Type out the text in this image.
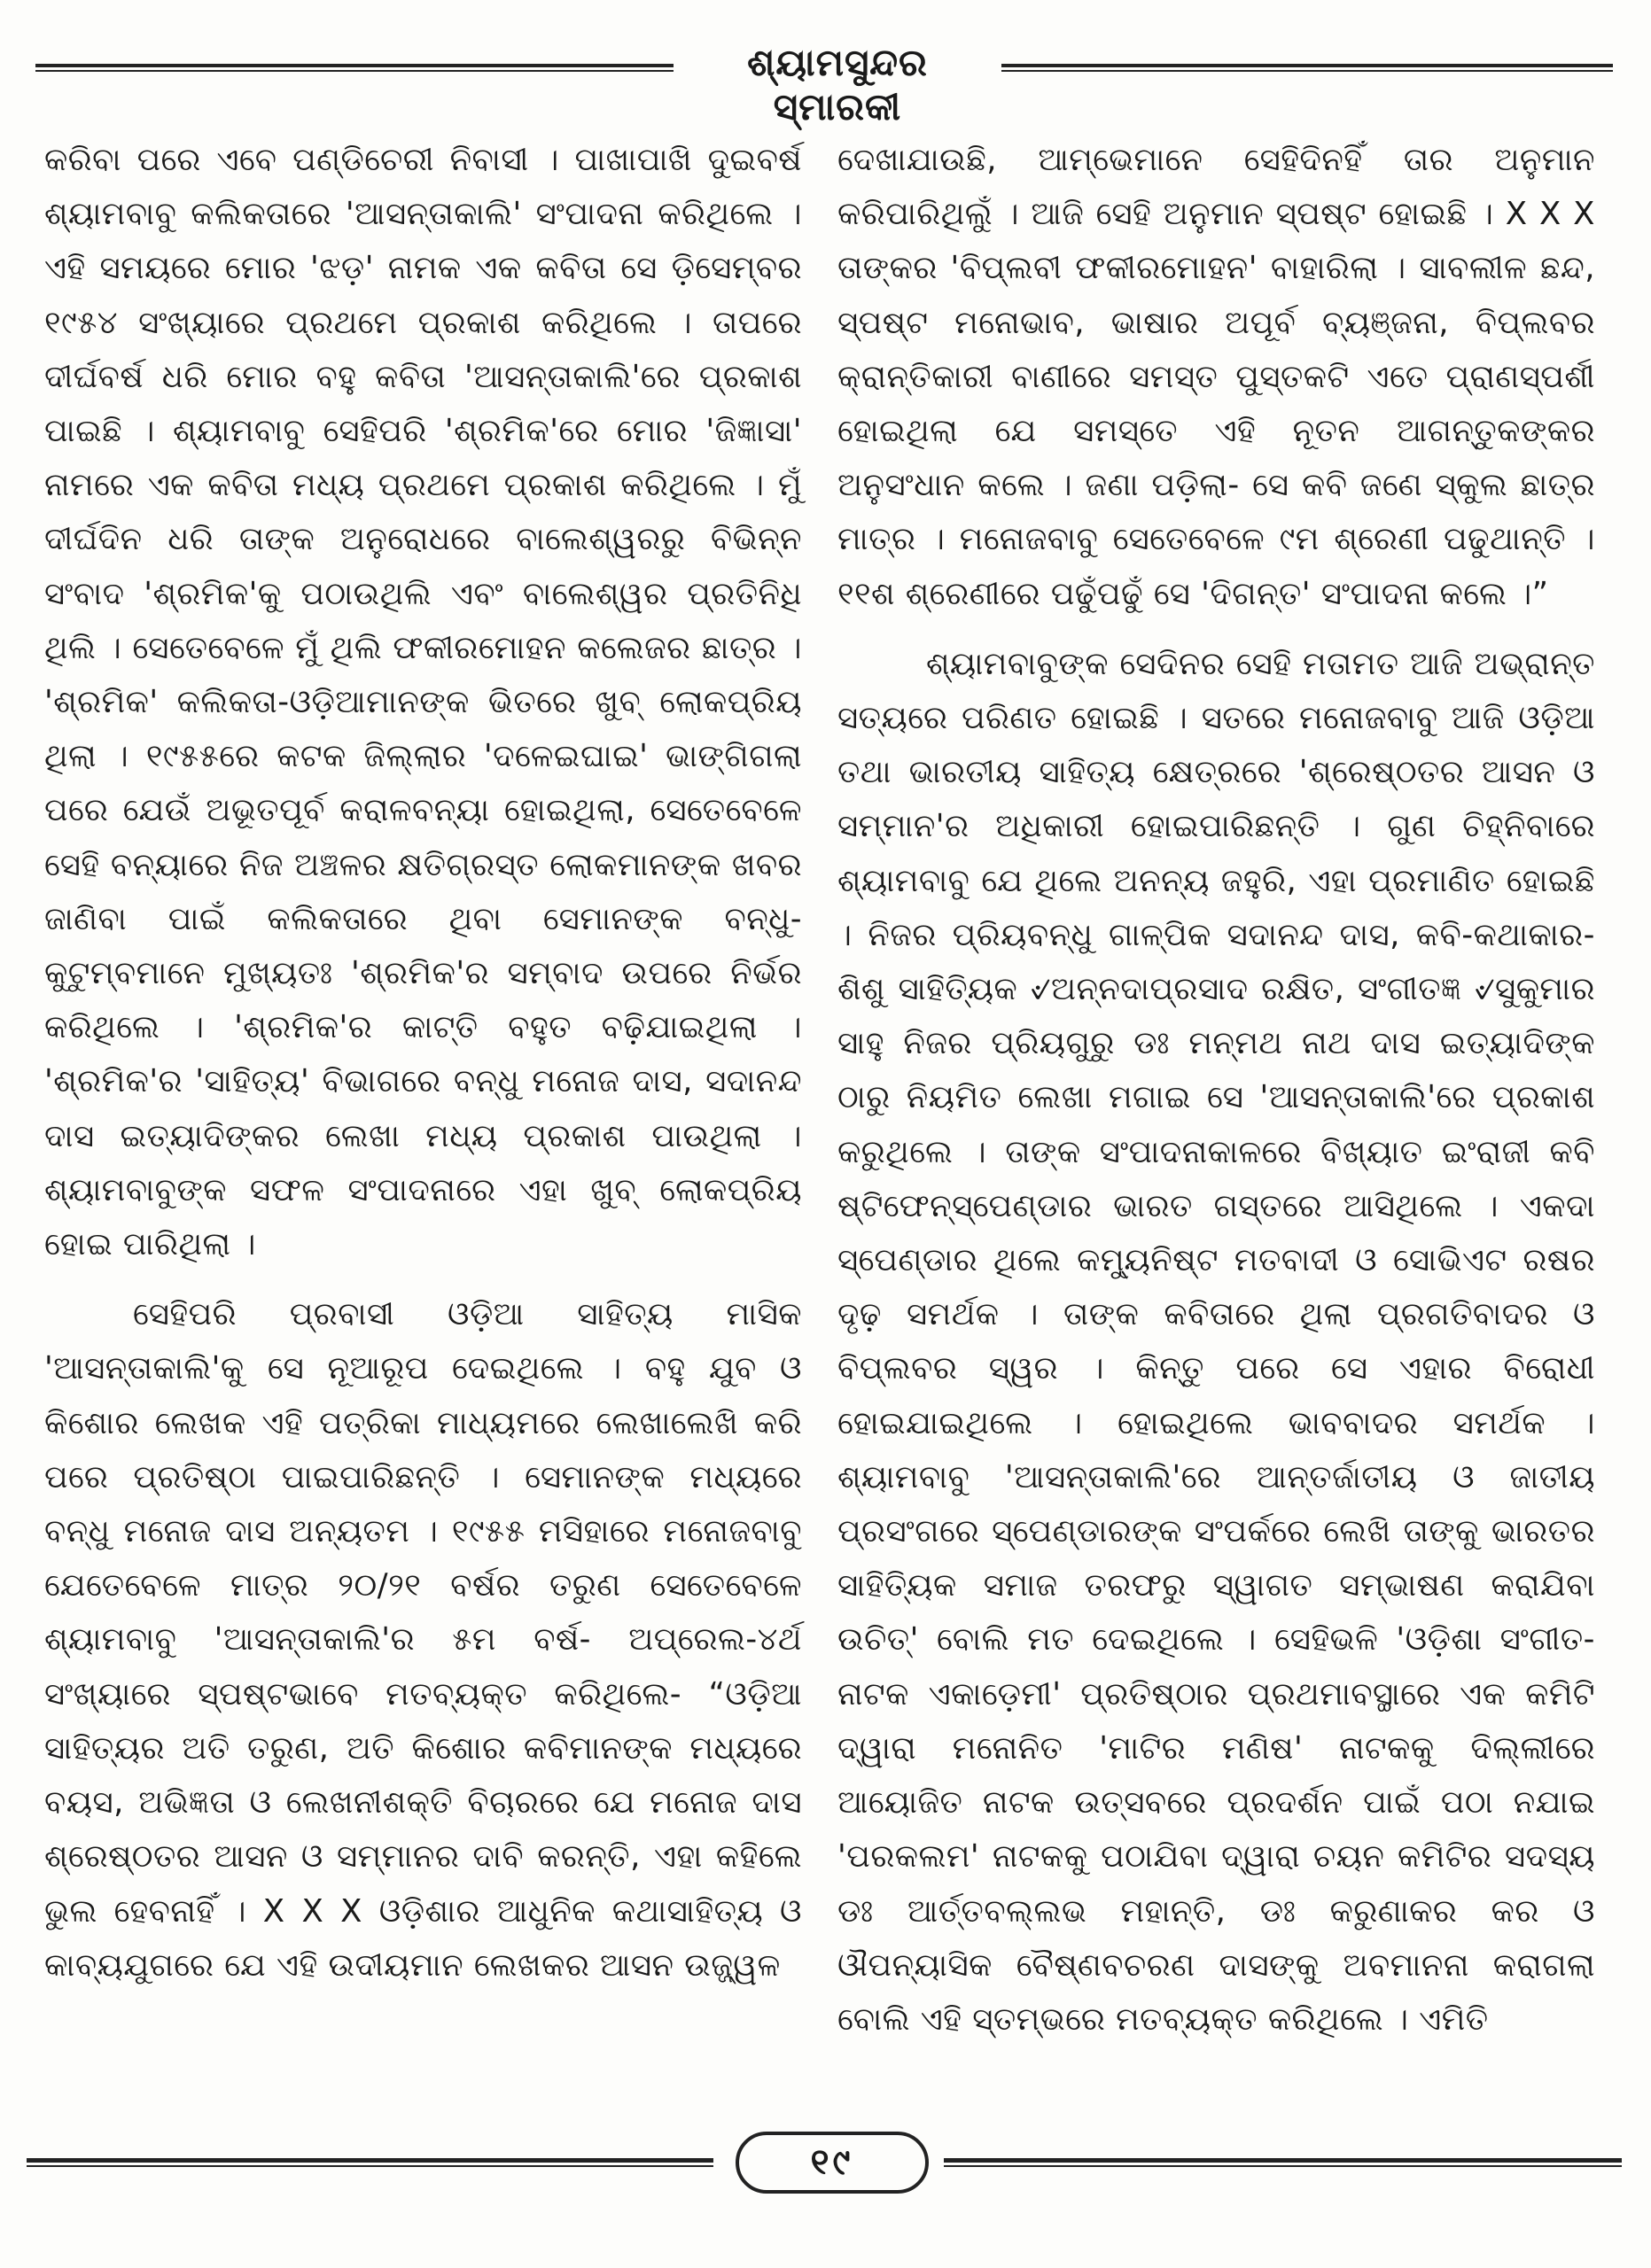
ଶ୍ୟାମସୁନ୍ଦର ସ୍ମାରକୀ

କରିବା ପରେ ଏବେ ପଣ୍ଡିଚେରୀ ନିବାସୀ । ପାଖାପାଖି ଦୁଇବର୍ଷ ଶ୍ୟାମବାବୁ କଲିକତାରେ 'ଆସନ୍ତାକାଲି' ସଂପାଦନା କରିଥିଲେ । ଏହି ସମୟରେ ମୋର 'ଝଡ଼' ନାମକ ଏକ କବିତା ସେ ଡ଼ିସେମ୍ବର ୧୯୫୪ ସଂଖ୍ୟାରେ ପ୍ରଥମେ ପ୍ରକାଶ କରିଥିଲେ । ତାପରେ ଦୀର୍ଘବର୍ଷ ଧରି ମୋର ବହୁ କବିତା 'ଆସନ୍ତାକାଲି'ରେ ପ୍ରକାଶ ପାଇଛି । ଶ୍ୟାମବାବୁ ସେହିପରି 'ଶ୍ରମିକ'ରେ ମୋର 'ଜିଜ୍ଞାସା' ନାମରେ ଏକ କବିତା ମଧ୍ୟ ପ୍ରଥମେ ପ୍ରକାଶ କରିଥିଲେ । ମୁଁ ଦୀର୍ଘଦିନ ଧରି ତାଙ୍କ ଅନୁରୋଧରେ ବାଲେଶ୍ୱରରୁ ବିଭିନ୍ନ ସଂବାଦ 'ଶ୍ରମିକ'କୁ ପଠାଉଥିଲି ଏବଂ ବାଲେଶ୍ୱର ପ୍ରତିନିଧି ଥିଲି । ସେତେବେଳେ ମୁଁ ଥିଲି ଫକୀରମୋହନ କଲେଜର ଛାତ୍ର । 'ଶ୍ରମିକ' କଲିକତା-ଓଡ଼ିଆମାନଙ୍କ ଭିତରେ ଖୁବ୍ ଲୋକପ୍ରିୟ ଥିଲା । ୧୯୫୫ରେ କଟକ ଜିଲ୍ଲାର 'ଦଳେଇଘାଇ' ଭାଙ୍ଗିଗଲା ପରେ ଯେଉଁ ଅଭୂତପୂର୍ବ କରାଳବନ୍ୟା ହୋଇଥିଲା, ସେତେବେଳେ ସେହି ବନ୍ୟାରେ ନିଜ ଅଞ୍ଚଳର କ୍ଷତିଗ୍ରସ୍ତ ଲୋକମାନଙ୍କ ଖବର ଜାଣିବା ପାଇଁ କଲିକତାରେ ଥିବା ସେମାନଙ୍କ ବନ୍ଧୁ-କୁଟୁମ୍ବମାନେ ମୁଖ୍ୟତଃ 'ଶ୍ରମିକ'ର ସମ୍ବାଦ ଉପରେ ନିର୍ଭର କରିଥିଲେ । 'ଶ୍ରମିକ'ର କାଟ୍ତି ବହୁତ ବଢ଼ିଯାଇଥିଲା । 'ଶ୍ରମିକ'ର 'ସାହିତ୍ୟ' ବିଭାଗରେ ବନ୍ଧୁ ମନୋଜ ଦାସ, ସଦାନନ୍ଦ ଦାସ ଇତ୍ୟାଦିଙ୍କର ଲେଖା ମଧ୍ୟ ପ୍ରକାଶ ପାଉଥିଲା । ଶ୍ୟାମବାବୁଙ୍କ ସଫଳ ସଂପାଦନାରେ ଏହା ଖୁବ୍ ଲୋକପ୍ରିୟ ହୋଇ ପାରିଥିଲା ।

ସେହିପରି ପ୍ରବାସୀ ଓଡ଼ିଆ ସାହିତ୍ୟ ମାସିକ 'ଆସନ୍ତାକାଲି'କୁ ସେ ନୂଆରୂପ ଦେଇଥିଲେ । ବହୁ ଯୁବ ଓ କିଶୋର ଲେଖକ ଏହି ପତ୍ରିକା ମାଧ୍ୟମରେ ଲେଖାଲେଖି କରି ପରେ ପ୍ରତିଷ୍ଠା ପାଇପାରିଛନ୍ତି । ସେମାନଙ୍କ ମଧ୍ୟରେ ବନ୍ଧୁ ମନୋଜ ଦାସ ଅନ୍ୟତମ । ୧୯୫୫ ମସିହାରେ ମନୋଜବାବୁ ଯେତେବେଳେ ମାତ୍ର ୨୦/୨୧ ବର୍ଷର ତରୁଣ ସେତେବେଳେ ଶ୍ୟାମବାବୁ 'ଆସନ୍ତାକାଲି'ର ୫ମ ବର୍ଷ- ଅପ୍ରେଲ-୪ର୍ଥ ସଂଖ୍ୟାରେ ସ୍ପଷ୍ଟଭାବେ ମତବ୍ୟକ୍ତ କରିଥିଲେ- “ଓଡ଼ିଆ ସାହିତ୍ୟର ଅତି ତରୁଣ, ଅତି କିଶୋର କବିମାନଙ୍କ ମଧ୍ୟରେ ବୟସ, ଅଭିଜ୍ଞତା ଓ ଲେଖନୀଶକ୍ତି ବିଚାରରେ ଯେ ମନୋଜ ଦାସ ଶ୍ରେଷ୍ଠତର ଆସନ ଓ ସମ୍ମାନର ଦାବି କରନ୍ତି, ଏହା କହିଲେ ଭୁଲ ହେବନାହିଁ । X X X ଓଡ଼ିଶାର ଆଧୁନିକ କଥାସାହିତ୍ୟ ଓ କାବ୍ୟଯୁଗରେ ଯେ ଏହି ଉଦୀୟମାନ ଲେଖକର ଆସନ ଉଜ୍ଜ୍ୱଳ

ଦେଖାଯାଉଛି, ଆମ୍ଭେମାନେ ସେହିଦିନହିଁ ତାର ଅନୁମାନ କରିପାରିଥିଲୁଁ । ଆଜି ସେହି ଅନୁମାନ ସ୍ପଷ୍ଟ ହୋଇଛି । X X X ତାଙ୍କର 'ବିପ୍ଲବୀ ଫକୀରମୋହନ' ବାହାରିଲା । ସାବଲୀଳ ଛନ୍ଦ, ସ୍ପଷ୍ଟ ମନୋଭାବ, ଭାଷାର ଅପୂର୍ବ ବ୍ୟଞ୍ଜନା, ବିପ୍ଲବର କ୍ରାନ୍ତିକାରୀ ବାଣୀରେ ସମସ୍ତ ପୁସ୍ତକଟି ଏତେ ପ୍ରାଣସ୍ପର୍ଶୀ ହୋଇଥିଲା ଯେ ସମସ୍ତେ ଏହି ନୂତନ ଆଗନ୍ତୁକଙ୍କର ଅନୁସଂଧାନ କଲେ । ଜଣା ପଡ଼ିଲା- ସେ କବି ଜଣେ ସ୍କୁଲ ଛାତ୍ର ମାତ୍ର । ମନୋଜବାବୁ ସେତେବେଳେ ୯ମ ଶ୍ରେଣୀ ପଢୁଥାନ୍ତି । ୧୧ଶ ଶ୍ରେଣୀରେ ପଢୁଁପଢୁଁ ସେ 'ଦିଗନ୍ତ' ସଂପାଦନା କଲେ ।”

ଶ୍ୟାମବାବୁଙ୍କ ସେଦିନର ସେହି ମତାମତ ଆଜି ଅଭ୍ରାନ୍ତ ସତ୍ୟରେ ପରିଣତ ହୋଇଛି । ସତରେ ମନୋଜବାବୁ ଆଜି ଓଡ଼ିଆ ତଥା ଭାରତୀୟ ସାହିତ୍ୟ କ୍ଷେତ୍ରରେ 'ଶ୍ରେଷ୍ଠତର ଆସନ ଓ ସମ୍ମାନ'ର ଅଧିକାରୀ ହୋଇପାରିଛନ୍ତି । ଗୁଣ ଚିହ୍ନିବାରେ ଶ୍ୟାମବାବୁ ଯେ ଥିଲେ ଅନନ୍ୟ ଜହୁରି, ଏହା ପ୍ରମାଣିତ ହୋଇଛି । ନିଜର ପ୍ରିୟବନ୍ଧୁ ଗାଳ୍ପିକ ସଦାନନ୍ଦ ଦାସ, କବି-କଥାକାର-ଶିଶୁ ସାହିତ୍ୟିକ ୰ଅନ୍ନଦାପ୍ରସାଦ ରକ୍ଷିତ, ସଂଗୀତଜ୍ଞ ୰ସୁକୁମାର ସାହୁ ନିଜର ପ୍ରିୟଗୁରୁ ଡଃ ମନ୍ମଥ ନାଥ ଦାସ ଇତ୍ୟାଦିଙ୍କ ଠାରୁ ନିୟମିତ ଲେଖା ମଗାଇ ସେ 'ଆସନ୍ତାକାଲି'ରେ ପ୍ରକାଶ କରୁଥିଲେ । ତାଙ୍କ ସଂପାଦନାକାଳରେ ବିଖ୍ୟାତ ଇଂରାଜୀ କବି ଷ୍ଟିଫେନ୍‌ସ୍ପେଣ୍ଡାର ଭାରତ ଗସ୍ତରେ ଆସିଥିଲେ । ଏକଦା ସ୍ପେଣ୍ଡାର ଥିଲେ କମ୍ୟୁନିଷ୍ଟ ମତବାଦୀ ଓ ସୋଭିଏଟ ରଷର ଦୃଢ଼ ସମର୍ଥକ । ତାଙ୍କ କବିତାରେ ଥିଲା ପ୍ରଗତିବାଦର ଓ ବିପ୍ଲବର ସ୍ୱର । କିନ୍ତୁ ପରେ ସେ ଏହାର ବିରୋଧୀ ହୋଇଯାଇଥିଲେ । ହୋଇଥିଲେ ଭାବବାଦର ସମର୍ଥକ । ଶ୍ୟାମବାବୁ 'ଆସନ୍ତାକାଲି'ରେ ଆନ୍ତର୍ଜାତୀୟ ଓ ଜାତୀୟ ପ୍ରସଂଗରେ ସ୍ପେଣ୍ଡାରଙ୍କ ସଂପର୍କରେ ଲେଖି ତାଙ୍କୁ ଭାରତର ସାହିତ୍ୟିକ ସମାଜ ତରଫରୁ ସ୍ୱାଗତ ସମ୍ଭାଷଣ କରାଯିବା ଉଚିତ୍' ବୋଲି ମତ ଦେଇଥିଲେ । ସେହିଭଳି 'ଓଡ଼ିଶା ସଂଗୀତ-ନାଟକ ଏକାଡ଼େମୀ' ପ୍ରତିଷ୍ଠାର ପ୍ରଥମାବସ୍ଥାରେ ଏକ କମିଟି ଦ୍ୱାରା ମନୋନିତ 'ମାଟିର ମଣିଷ' ନାଟକକୁ ଦିଲ୍ଲୀରେ ଆୟୋଜିତ ନାଟକ ଉତ୍ସବରେ ପ୍ରଦର୍ଶନ ପାଇଁ ପଠା ନଯାଇ 'ପରକଲମ' ନାଟକକୁ ପଠାଯିବା ଦ୍ୱାରା ଚୟନ କମିଟିର ସଦସ୍ୟ ଡଃ ଆର୍ତ୍ତବଲ୍ଲଭ ମହାନ୍ତି, ଡଃ କରୁଣାକର କର ଓ ଔପନ୍ୟାସିକ ବୈଷ୍ଣବଚରଣ ଦାସଙ୍କୁ ଅବମାନନା କରାଗଲା ବୋଲି ଏହି ସ୍ତମ୍ଭରେ ମତବ୍ୟକ୍ତ କରିଥିଲେ । ଏମିତି

୧୯
